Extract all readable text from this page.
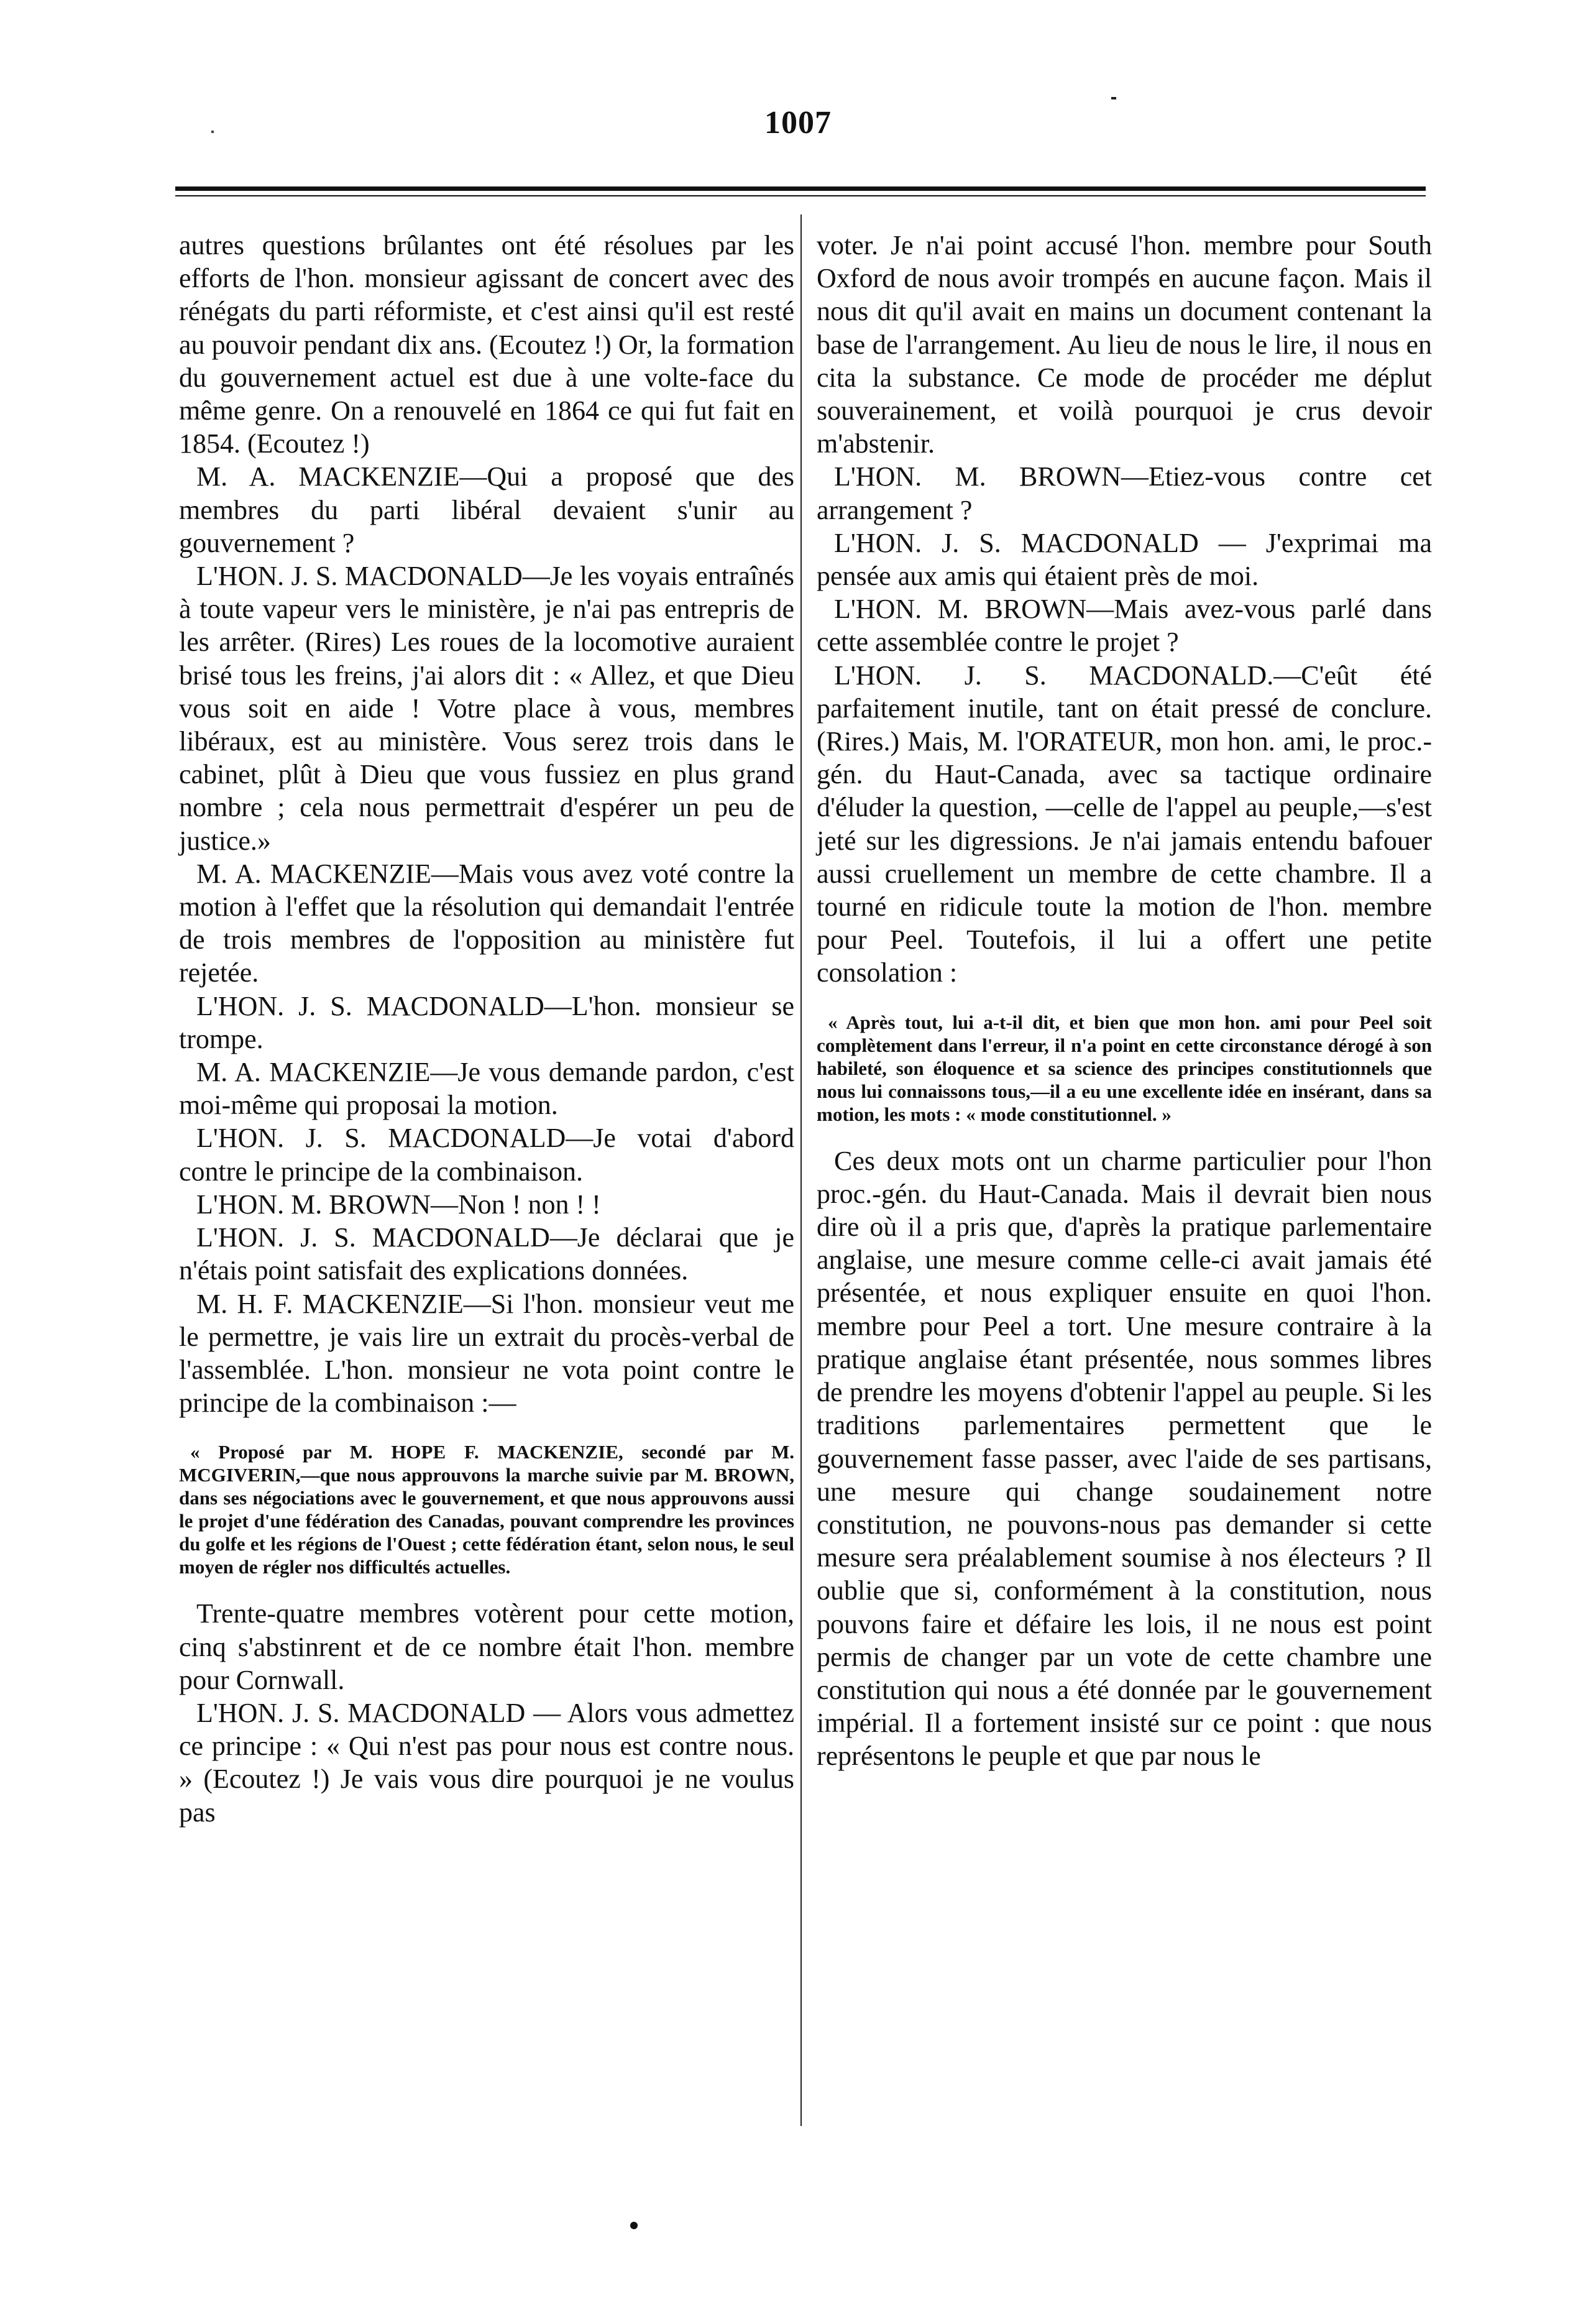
1007

autres questions brûlantes ont été résolues par les efforts de l'hon. monsieur agissant de concert avec des rénégats du parti réformiste, et c'est ainsi qu'il est resté au pouvoir pendant dix ans. (Ecoutez !) Or, la formation du gouvernement actuel est due à une volte-face du même genre. On a renouvelé en 1864 ce qui fut fait en 1854. (Ecoutez !)

M. A. MACKENZIE—Qui a proposé que des membres du parti libéral devaient s'unir au gouvernement ?

L'HON. J. S. MACDONALD—Je les voyais entraînés à toute vapeur vers le ministère, je n'ai pas entrepris de les arrêter. (Rires) Les roues de la locomotive auraient brisé tous les freins, j'ai alors dit : « Allez, et que Dieu vous soit en aide ! Votre place à vous, membres libéraux, est au ministère. Vous serez trois dans le cabinet, plût à Dieu que vous fussiez en plus grand nombre ; cela nous permettrait d'espérer un peu de justice.»

M. A. MACKENZIE—Mais vous avez voté contre la motion à l'effet que la résolution qui demandait l'entrée de trois membres de l'opposition au ministère fut rejetée.

L'HON. J. S. MACDONALD—L'hon. monsieur se trompe.

M. A. MACKENZIE—Je vous demande pardon, c'est moi-même qui proposai la motion.

L'HON. J. S. MACDONALD—Je votai d'abord contre le principe de la combinaison.

L'HON. M. BROWN—Non ! non ! !

L'HON. J. S. MACDONALD—Je déclarai que je n'étais point satisfait des explications données.

M. H. F. MACKENZIE—Si l'hon. monsieur veut me le permettre, je vais lire un extrait du procès-verbal de l'assemblée. L'hon. monsieur ne vota point contre le principe de la combinaison :—

« Proposé par M. HOPE F. MACKENZIE, secondé par M. MCGIVERIN,—que nous approuvons la marche suivie par M. BROWN, dans ses négociations avec le gouvernement, et que nous approuvons aussi le projet d'une fédération des Canadas, pouvant comprendre les provinces du golfe et les régions de l'Ouest ; cette fédération étant, selon nous, le seul moyen de régler nos difficultés actuelles.

Trente-quatre membres votèrent pour cette motion, cinq s'abstinrent et de ce nombre était l'hon. membre pour Cornwall.

L'HON. J. S. MACDONALD — Alors vous admettez ce principe : « Qui n'est pas pour nous est contre nous. » (Ecoutez !) Je vais vous dire pourquoi je ne voulus pas

voter. Je n'ai point accusé l'hon. membre pour South Oxford de nous avoir trompés en aucune façon. Mais il nous dit qu'il avait en mains un document contenant la base de l'arrangement. Au lieu de nous le lire, il nous en cita la substance. Ce mode de procéder me déplut souverainement, et voilà pourquoi je crus devoir m'abstenir.

L'HON. M. BROWN—Etiez-vous contre cet arrangement ?

L'HON. J. S. MACDONALD — J'exprimai ma pensée aux amis qui étaient près de moi.

L'HON. M. BROWN—Mais avez-vous parlé dans cette assemblée contre le projet ?

L'HON. J. S. MACDONALD.—C'eût été parfaitement inutile, tant on était pressé de conclure. (Rires.) Mais, M. l'ORATEUR, mon hon. ami, le proc.-gén. du Haut-Canada, avec sa tactique ordinaire d'éluder la question, —celle de l'appel au peuple,—s'est jeté sur les digressions. Je n'ai jamais entendu bafouer aussi cruellement un membre de cette chambre. Il a tourné en ridicule toute la motion de l'hon. membre pour Peel. Toutefois, il lui a offert une petite consolation :

« Après tout, lui a-t-il dit, et bien que mon hon. ami pour Peel soit complètement dans l'erreur, il n'a point en cette circonstance dérogé à son habileté, son éloquence et sa science des principes constitutionnels que nous lui connaissons tous,—il a eu une excellente idée en insérant, dans sa motion, les mots : « mode constitutionnel. »

Ces deux mots ont un charme particulier pour l'hon proc.-gén. du Haut-Canada. Mais il devrait bien nous dire où il a pris que, d'après la pratique parlementaire anglaise, une mesure comme celle-ci avait jamais été présentée, et nous expliquer ensuite en quoi l'hon. membre pour Peel a tort. Une mesure contraire à la pratique anglaise étant présentée, nous sommes libres de prendre les moyens d'obtenir l'appel au peuple. Si les traditions parlementaires permettent que le gouvernement fasse passer, avec l'aide de ses partisans, une mesure qui change soudainement notre constitution, ne pouvons-nous pas demander si cette mesure sera préalablement soumise à nos électeurs ? Il oublie que si, conformément à la constitution, nous pouvons faire et défaire les lois, il ne nous est point permis de changer par un vote de cette chambre une constitution qui nous a été donnée par le gouvernement impérial. Il a fortement insisté sur ce point : que nous représentons le peuple et que par nous le
